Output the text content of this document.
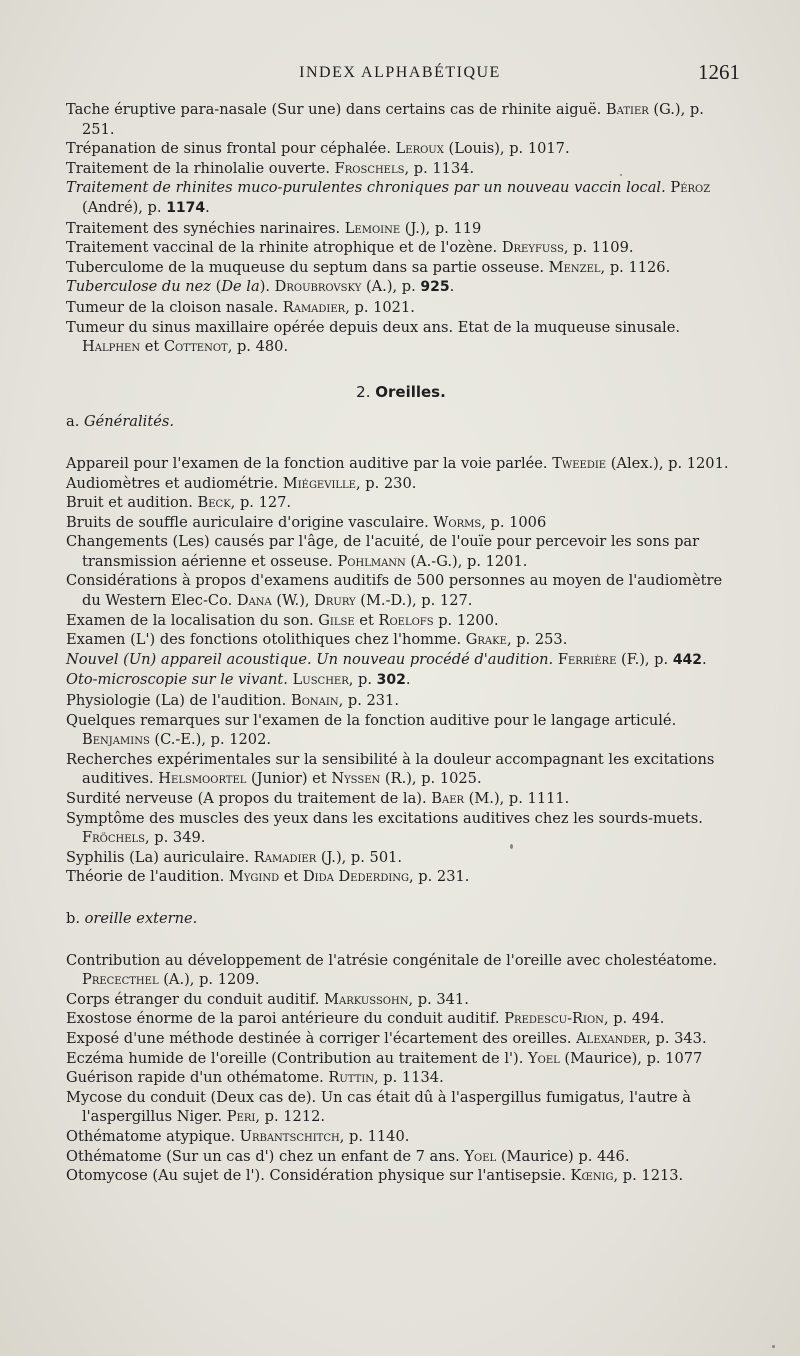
INDEX ALPHABÉTIQUE	1261

Tache éruptive para-nasale (Sur une) dans certains cas de rhinite aiguë. Batier (G.), p. 251.

Trépanation de sinus frontal pour céphalée. Leroux (Louis), p. 1017.

Traitement de la rhinolalie ouverte. Froschels, p. 1134.

Traitement de rhinites muco-purulentes chroniques par un nouveau vaccin local. Péroz (André), p. 1174.

Traitement des synéchies narinaires. Lemoine (J.), p. 119

Traitement vaccinal de la rhinite atrophique et de l'ozène. Dreyfuss, p. 1109.

Tuberculome de la muqueuse du septum dans sa partie osseuse. Menzel, p. 1126.

Tuberculose du nez (De la). Droubrovsky (A.), p. 925.

Tumeur de la cloison nasale. Ramadier, p. 1021.

Tumeur du sinus maxillaire opérée depuis deux ans. Etat de la muqueuse sinusale. Halphen et Cottenot, p. 480.

2. Oreilles.
a. Généralités.

Appareil pour l'examen de la fonction auditive par la voie parlée. Tweedie (Alex.), p. 1201.

Audiomètres et audiométrie. Miégeville, p. 230.

Bruit et audition. Beck, p. 127.

Bruits de souffle auriculaire d'origine vasculaire. Worms, p. 1006

Changements (Les) causés par l'âge, de l'acuité, de l'ouïe pour percevoir les sons par transmission aérienne et osseuse. Pohlmann (A.-G.), p. 1201.

Considérations à propos d'examens auditifs de 500 personnes au moyen de l'audiomètre du Western Elec-Co. Dana (W.), Drury (M.-D.), p. 127.

Examen de la localisation du son. Gilse et Roelofs p. 1200.

Examen (L') des fonctions otolithiques chez l'homme. Grake, p. 253.

Nouvel (Un) appareil acoustique. Un nouveau procédé d'audition. Ferrière (F.), p. 442.

Oto-microscopie sur le vivant. Luscher, p. 302.

Physiologie (La) de l'audition. Bonain, p. 231.

Quelques remarques sur l'examen de la fonction auditive pour le langage articulé. Benjamins (C.-E.), p. 1202.

Recherches expérimentales sur la sensibilité à la douleur accompagnant les excitations auditives. Helsmoortel (Junior) et Nyssen (R.), p. 1025.

Surdité nerveuse (A propos du traitement de la). Baer (M.), p. 1111.

Symptôme des muscles des yeux dans les excitations auditives chez les sourds-muets. Fröchels, p. 349.

Syphilis (La) auriculaire. Ramadier (J.), p. 501.

Théorie de l'audition. Mygind et Dida Dederding, p. 231.

b. oreille externe.

Contribution au développement de l'atrésie congénitale de l'oreille avec cholestéatome. Prececthel (A.), p. 1209.

Corps étranger du conduit auditif. Markussohn, p. 341.

Exostose énorme de la paroi antérieure du conduit auditif. Predescu-Rion, p. 494.

Exposé d'une méthode destinée à corriger l'écartement des oreilles. Alexander, p. 343.

Eczéma humide de l'oreille (Contribution au traitement de l'). Yoel (Maurice), p. 1077

Guérison rapide d'un othématome. Ruttin, p. 1134.

Mycose du conduit (Deux cas de). Un cas était dû à l'aspergillus fumigatus, l'autre à l'aspergillus Niger. Peri, p. 1212.

Othématome atypique. Urbantschitch, p. 1140.

Othématome (Sur un cas d') chez un enfant de 7 ans. Yoel (Maurice) p. 446.

Otomycose (Au sujet de l'). Considération physique sur l'antisepsie. Kœnig, p. 1213.
